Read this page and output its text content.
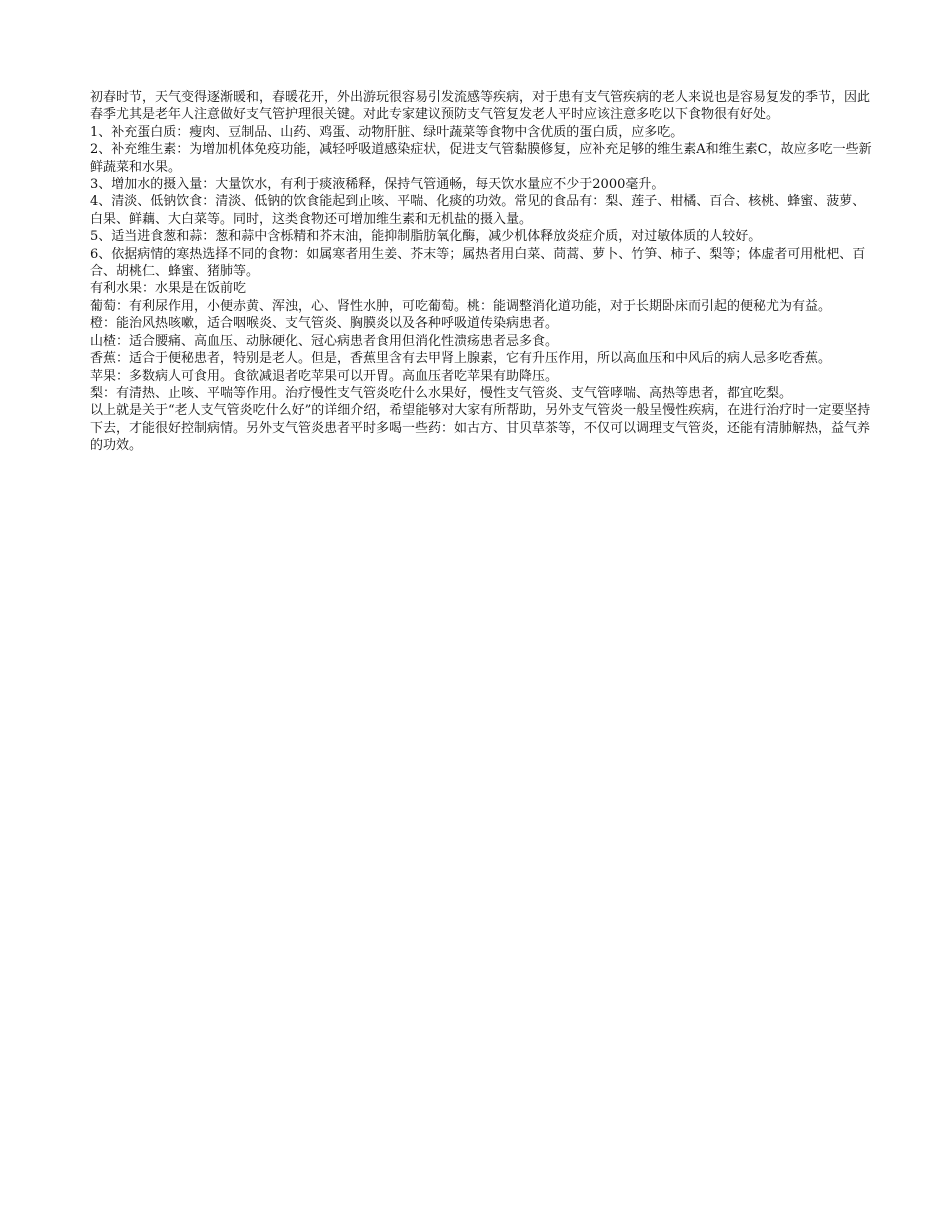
初春时节，天气变得逐渐暖和，春暖花开，外出游玩很容易引发流感等疾病，对于患有支气管疾病的老人来说也是容易复发的季节，因此春季尤其是老年人注意做好支气管护理很关键。对此专家建议预防支气管复发老人平时应该注意多吃以下食物很有好处。

1、补充蛋白质：瘦肉、豆制品、山药、鸡蛋、动物肝脏、绿叶蔬菜等食物中含优质的蛋白质，应多吃。

2、补充维生素：为增加机体免疫功能，减轻呼吸道感染症状，促进支气管黏膜修复，应补充足够的维生素A和维生素C，故应多吃一些新鲜蔬菜和水果。

3、增加水的摄入量：大量饮水，有利于痰液稀释，保持气管通畅，每天饮水量应不少于2000毫升。

4、清淡、低钠饮食：清淡、低钠的饮食能起到止咳、平喘、化痰的功效。常见的食品有：梨、莲子、柑橘、百合、核桃、蜂蜜、菠萝、白果、鲜藕、大白菜等。同时，这类食物还可增加维生素和无机盐的摄入量。

5、适当进食葱和蒜：葱和蒜中含栎精和芥末油，能抑制脂肪氧化酶，减少机体释放炎症介质，对过敏体质的人较好。

6、依据病情的寒热选择不同的食物：如属寒者用生姜、芥末等；属热者用白菜、茼蒿、萝卜、竹笋、柿子、梨等；体虚者可用枇杷、百合、胡桃仁、蜂蜜、猪肺等。

有利水果：水果是在饭前吃

葡萄：有利尿作用，小便赤黄、浑浊，心、肾性水肿，可吃葡萄。桃：能调整消化道功能，对于长期卧床而引起的便秘尤为有益。

橙：能治风热咳嗽，适合咽喉炎、支气管炎、胸膜炎以及各种呼吸道传染病患者。

山楂：适合腰痛、高血压、动脉硬化、冠心病患者食用但消化性溃疡患者忌多食。

香蕉：适合于便秘患者，特别是老人。但是，香蕉里含有去甲肾上腺素，它有升压作用，所以高血压和中风后的病人忌多吃香蕉。

苹果：多数病人可食用。食欲减退者吃苹果可以开胃。高血压者吃苹果有助降压。

梨：有清热、止咳、平喘等作用。治疗慢性支气管炎吃什么水果好，慢性支气管炎、支气管哮喘、高热等患者，都宜吃梨。

以上就是关于“老人支气管炎吃什么好”的详细介绍，希望能够对大家有所帮助，另外支气管炎一般呈慢性疾病，在进行治疗时一定要坚持下去，才能很好控制病情。另外支气管炎患者平时多喝一些药：如古方、甘贝草茶等，不仅可以调理支气管炎，还能有清肺解热，益气养的功效。
